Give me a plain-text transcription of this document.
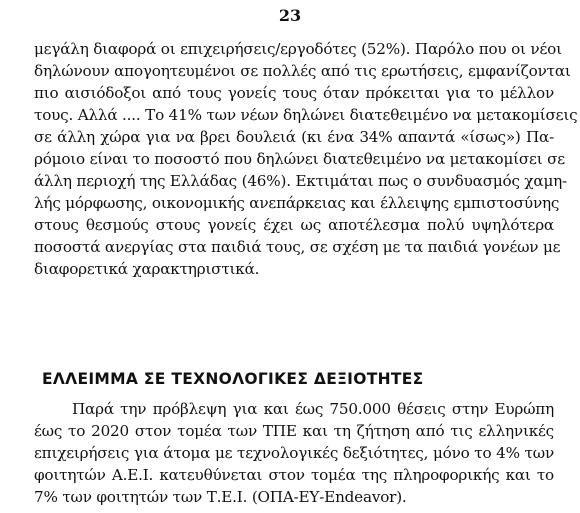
23
μεγάλη διαφορά οι επιχειρήσεις/εργοδότες (52%). Παρόλο που οι νέοι
δηλώνουν απογοητευμένοι σε πολλές από τις ερωτήσεις, εμφανίζονται
πιο αισιόδοξοι από τους γονείς τους όταν πρόκειται για το μέλλον
τους. Αλλά .... Το 41% των νέων δηλώνει διατεθειμένο να μετακομίσεις
σε άλλη χώρα για να βρει δουλειά (κι ένα 34% απαντά «ίσως») Πα-
ρόμοιο είναι το ποσοστό που δηλώνει διατεθειμένο να μετακομίσει σε
άλλη περιοχή της Ελλάδας (46%). Εκτιμάται πως ο συνδυασμός χαμη-
λής μόρφωσης, οικονομικής ανεπάρκειας και έλλειψης εμπιστοσύνης
στους θεσμούς στους γονείς έχει ως αποτέλεσμα πολύ υψηλότερα
ποσοστά ανεργίας στα παιδιά τους, σε σχέση με τα παιδιά γονέων με
διαφορετικά χαρακτηριστικά.
ΕΛΛΕΙΜΜΑ ΣΕ ΤΕΧΝΟΛΟΓΙΚΕΣ ΔΕΞΙΟΤΗΤΕΣ
Παρά την πρόβλεψη για και έως 750.000 θέσεις στην Ευρώπη
έως το 2020 στον τομέα των ΤΠΕ και τη ζήτηση από τις ελληνικές
επιχειρήσεις για άτομα με τεχνολογικές δεξιότητες, μόνο το 4% των
φοιτητών Α.Ε.Ι. κατευθύνεται στον τομέα της πληροφορικής και το
7% των φοιτητών των Τ.Ε.Ι. (ΟΠΑ-ΕΥ-Endeavor).
